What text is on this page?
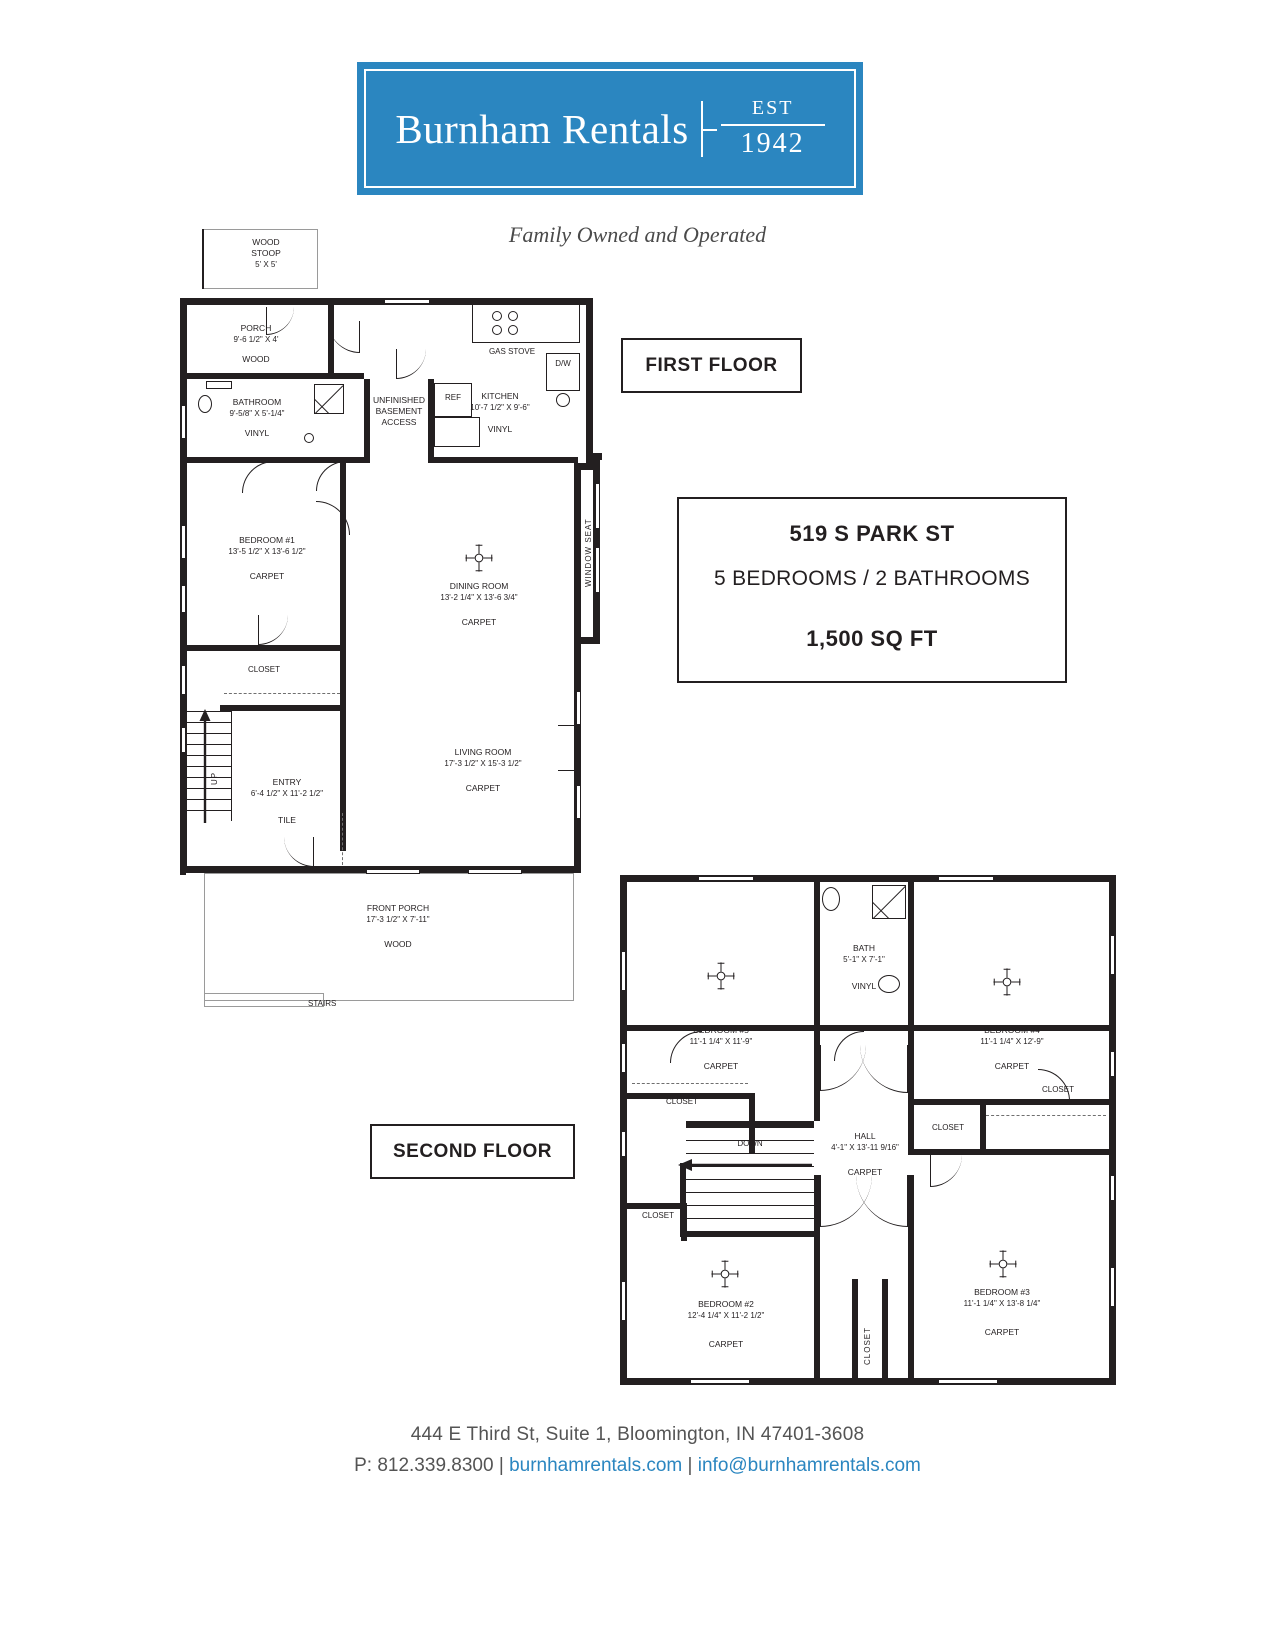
Burnham Rentals	EST
1942
Family Owned and Operated
FIRST FLOOR
SECOND FLOOR
519 S PARK ST
5 BEDROOMS / 2 BATHROOMS
1,500 SQ FT
WOOD
STOOP
5' X 5'
PORCH
9'-6 1/2" X 4'
WOOD
BATHROOM
9'-5/8" X 5'-1/4"
VINYL
UNFINISHED
BASEMENT
ACCESS
KITCHEN
10'-7 1/2" X 9'-6"
VINYL
GAS STOVE
D/W
REF
BEDROOM #1
13'-5 1/2" X 13'-6 1/2"
CARPET
DINING ROOM
13'-2 1/4" X 13'-6 3/4"
CARPET
WINDOW SEAT
CLOSET
UP	ENTRY
6'-4 1/2" X 11'-2 1/2"
TILE
LIVING ROOM
17'-3 1/2" X 15'-3 1/2"
CARPET
FRONT PORCH
17'-3 1/2" X 7'-11"
WOOD
STAIRS
BATH
5'-1" X 7'-1"
VINYL
BEDROOM #5
11'-1 1/4" X 11'-9"
CARPET
CLOSET
BEDROOM #4
11'-1 1/4" X 12'-9"
CARPET
CLOSET
CLOSET
HALL
4'-1" X 13'-11 9/16"
CARPET
DOWN
CLOSET
BEDROOM #2
12'-4 1/4" X 11'-2 1/2"
CARPET	CLOSET
BEDROOM #3
11'-1 1/4" X 13'-8 1/4"
CARPET
444 E Third St, Suite 1, Bloomington, IN 47401-3608
P: 812.339.8300 | burnhamrentals.com | info@burnhamrentals.com
